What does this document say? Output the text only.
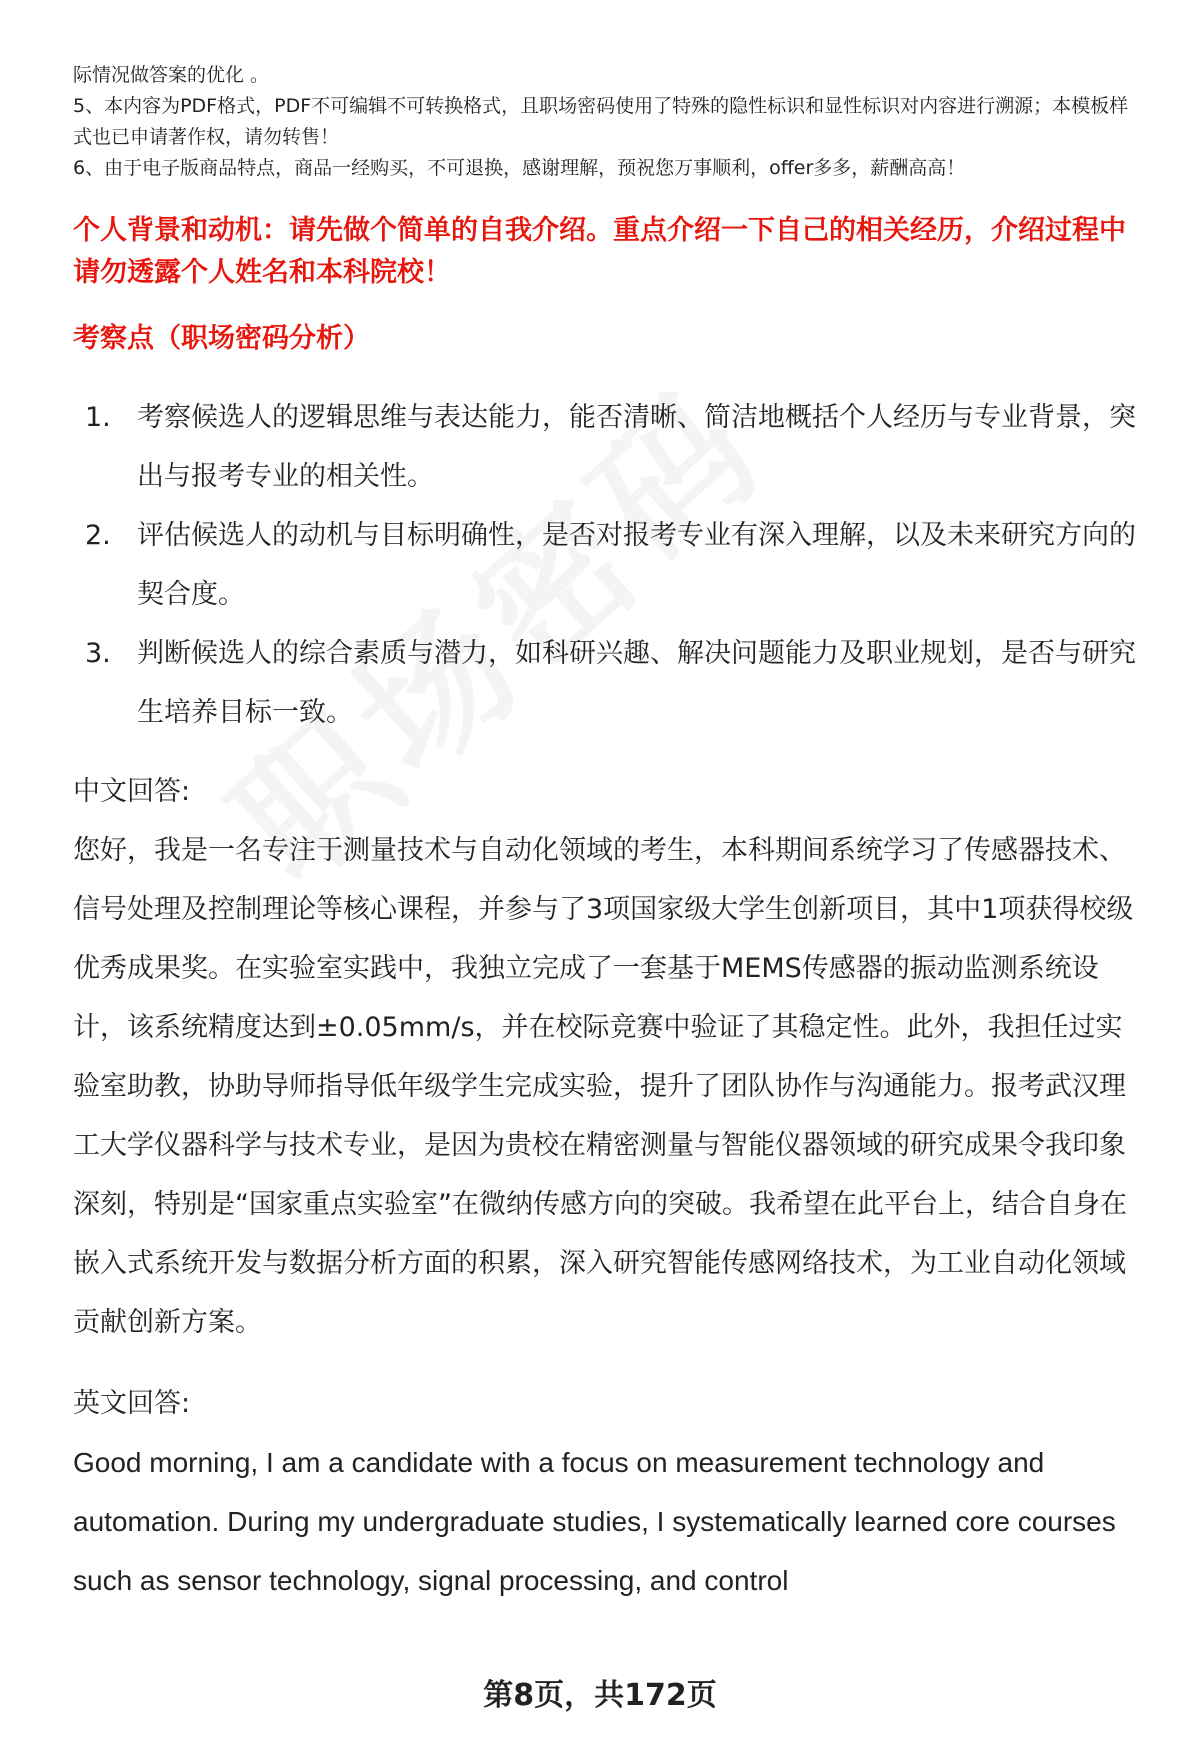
际情况做答案的优化 。

5、本内容为PDF格式，PDF不可编辑不可转换格式，且职场密码使用了特殊的隐性标识和显性标识对内容进行溯源；本模板样式也已申请著作权，请勿转售！

6、由于电子版商品特点，商品一经购买，不可退换，感谢理解，预祝您万事顺利，offer多多，薪酬高高！

个人背景和动机：请先做个简单的自我介绍。重点介绍一下自己的相关经历，介绍过程中请勿透露个人姓名和本科院校！

考察点（职场密码分析）

1. 考察候选人的逻辑思维与表达能力，能否清晰、简洁地概括个人经历与专业背景，突出与报考专业的相关性。
2. 评估候选人的动机与目标明确性，是否对报考专业有深入理解，以及未来研究方向的契合度。
3. 判断候选人的综合素质与潜力，如科研兴趣、解决问题能力及职业规划，是否与研究生培养目标一致。
中文回答:

您好，我是一名专注于测量技术与自动化领域的考生，本科期间系统学习了传感器技术、信号处理及控制理论等核心课程，并参与了3项国家级大学生创新项目，其中1项获得校级优秀成果奖。在实验室实践中，我独立完成了一套基于MEMS传感器的振动监测系统设计，该系统精度达到±0.05mm/s，并在校际竞赛中验证了其稳定性。此外，我担任过实验室助教，协助导师指导低年级学生完成实验，提升了团队协作与沟通能力。报考武汉理工大学仪器科学与技术专业，是因为贵校在精密测量与智能仪器领域的研究成果令我印象深刻，特别是“国家重点实验室”在微纳传感方向的突破。我希望在此平台上，结合自身在嵌入式系统开发与数据分析方面的积累，深入研究智能传感网络技术，为工业自动化领域贡献创新方案。

英文回答:

Good morning, I am a candidate with a focus on measurement technology and automation. During my undergraduate studies, I systematically learned core courses such as sensor technology, signal processing, and control

第8页，共172页
